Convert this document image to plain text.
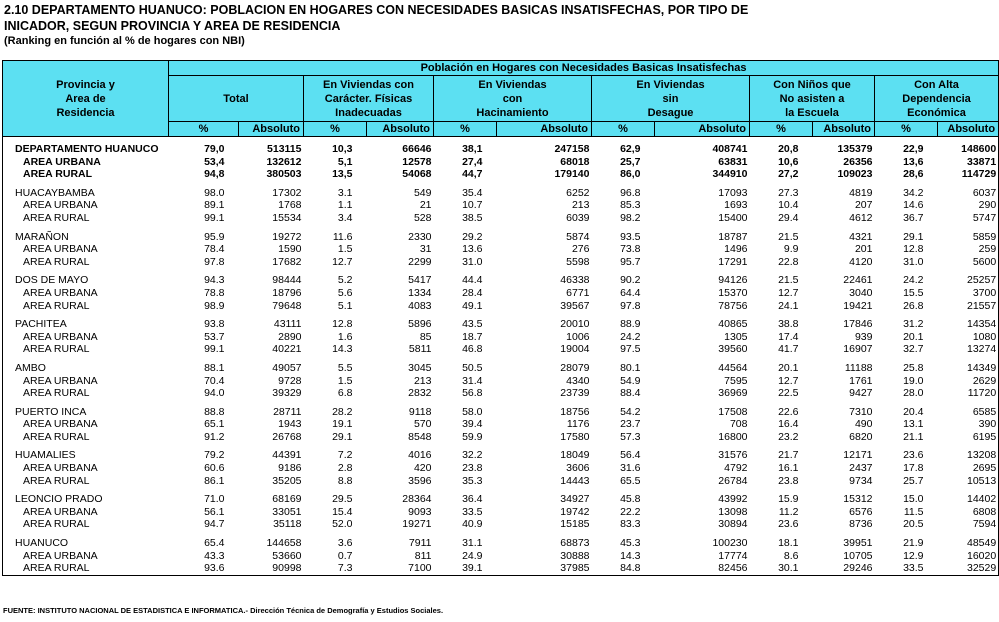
2.10 DEPARTAMENTO HUANUCO: POBLACION EN HOGARES CON NECESIDADES BASICAS INSATISFECHAS, POR TIPO DE
INICADOR, SEGUN PROVINCIA Y AREA DE RESIDENCIA
(Ranking en función al % de hogares con NBI)
Provincia y
Area de
Residencia	Población en Hogares con Necesidades Basicas Insatisfechas											
	Total		En Viviendas con
Carácter. Físicas
Inadecuadas		En Viviendas
con
Hacinamiento		En Viviendas
sin
Desague		Con Niños que
No asisten a
la Escuela		Con Alta
Dependencia
Económica	
	%	Absoluto	%	Absoluto	%	Absoluto	%	Absoluto	%	Absoluto	%	Absoluto

DEPARTAMENTO HUANUCO	79,0	513115	10,3	66646	38,1	247158	62,9	408741	20,8	135379	22,9	148600
AREA URBANA	53,4	132612	5,1	12578	27,4	68018	25,7	63831	10,6	26356	13,6	33871
AREA RURAL	94,8	380503	13,5	54068	44,7	179140	86,0	344910	27,2	109023	28,6	114729

HUACAYBAMBA	98.0	17302	3.1	549	35.4	6252	96.8	17093	27.3	4819	34.2	6037
AREA URBANA	89.1	1768	1.1	21	10.7	213	85.3	1693	10.4	207	14.6	290
AREA RURAL	99.1	15534	3.4	528	38.5	6039	98.2	15400	29.4	4612	36.7	5747

MARAÑON	95.9	19272	11.6	2330	29.2	5874	93.5	18787	21.5	4321	29.1	5859
AREA URBANA	78.4	1590	1.5	31	13.6	276	73.8	1496	9.9	201	12.8	259
AREA RURAL	97.8	17682	12.7	2299	31.0	5598	95.7	17291	22.8	4120	31.0	5600

DOS DE MAYO	94.3	98444	5.2	5417	44.4	46338	90.2	94126	21.5	22461	24.2	25257
AREA URBANA	78.8	18796	5.6	1334	28.4	6771	64.4	15370	12.7	3040	15.5	3700
AREA RURAL	98.9	79648	5.1	4083	49.1	39567	97.8	78756	24.1	19421	26.8	21557

PACHITEA	93.8	43111	12.8	5896	43.5	20010	88.9	40865	38.8	17846	31.2	14354
AREA URBANA	53.7	2890	1.6	85	18.7	1006	24.2	1305	17.4	939	20.1	1080
AREA RURAL	99.1	40221	14.3	5811	46.8	19004	97.5	39560	41.7	16907	32.7	13274

AMBO	88.1	49057	5.5	3045	50.5	28079	80.1	44564	20.1	11188	25.8	14349
AREA URBANA	70.4	9728	1.5	213	31.4	4340	54.9	7595	12.7	1761	19.0	2629
AREA RURAL	94.0	39329	6.8	2832	56.8	23739	88.4	36969	22.5	9427	28.0	11720

PUERTO INCA	88.8	28711	28.2	9118	58.0	18756	54.2	17508	22.6	7310	20.4	6585
AREA URBANA	65.1	1943	19.1	570	39.4	1176	23.7	708	16.4	490	13.1	390
AREA RURAL	91.2	26768	29.1	8548	59.9	17580	57.3	16800	23.2	6820	21.1	6195

HUAMALIES	79.2	44391	7.2	4016	32.2	18049	56.4	31576	21.7	12171	23.6	13208
AREA URBANA	60.6	9186	2.8	420	23.8	3606	31.6	4792	16.1	2437	17.8	2695
AREA RURAL	86.1	35205	8.8	3596	35.3	14443	65.5	26784	23.8	9734	25.7	10513

LEONCIO PRADO	71.0	68169	29.5	28364	36.4	34927	45.8	43992	15.9	15312	15.0	14402
AREA URBANA	56.1	33051	15.4	9093	33.5	19742	22.2	13098	11.2	6576	11.5	6808
AREA RURAL	94.7	35118	52.0	19271	40.9	15185	83.3	30894	23.6	8736	20.5	7594

HUANUCO	65.4	144658	3.6	7911	31.1	68873	45.3	100230	18.1	39951	21.9	48549
AREA URBANA	43.3	53660	0.7	811	24.9	30888	14.3	17774	8.6	10705	12.9	16020
AREA RURAL	93.6	90998	7.3	7100	39.1	37985	84.8	82456	30.1	29246	33.5	32529
FUENTE: INSTITUTO NACIONAL DE ESTADISTICA E INFORMATICA.- Dirección Técnica de Demografía y Estudios Sociales.
